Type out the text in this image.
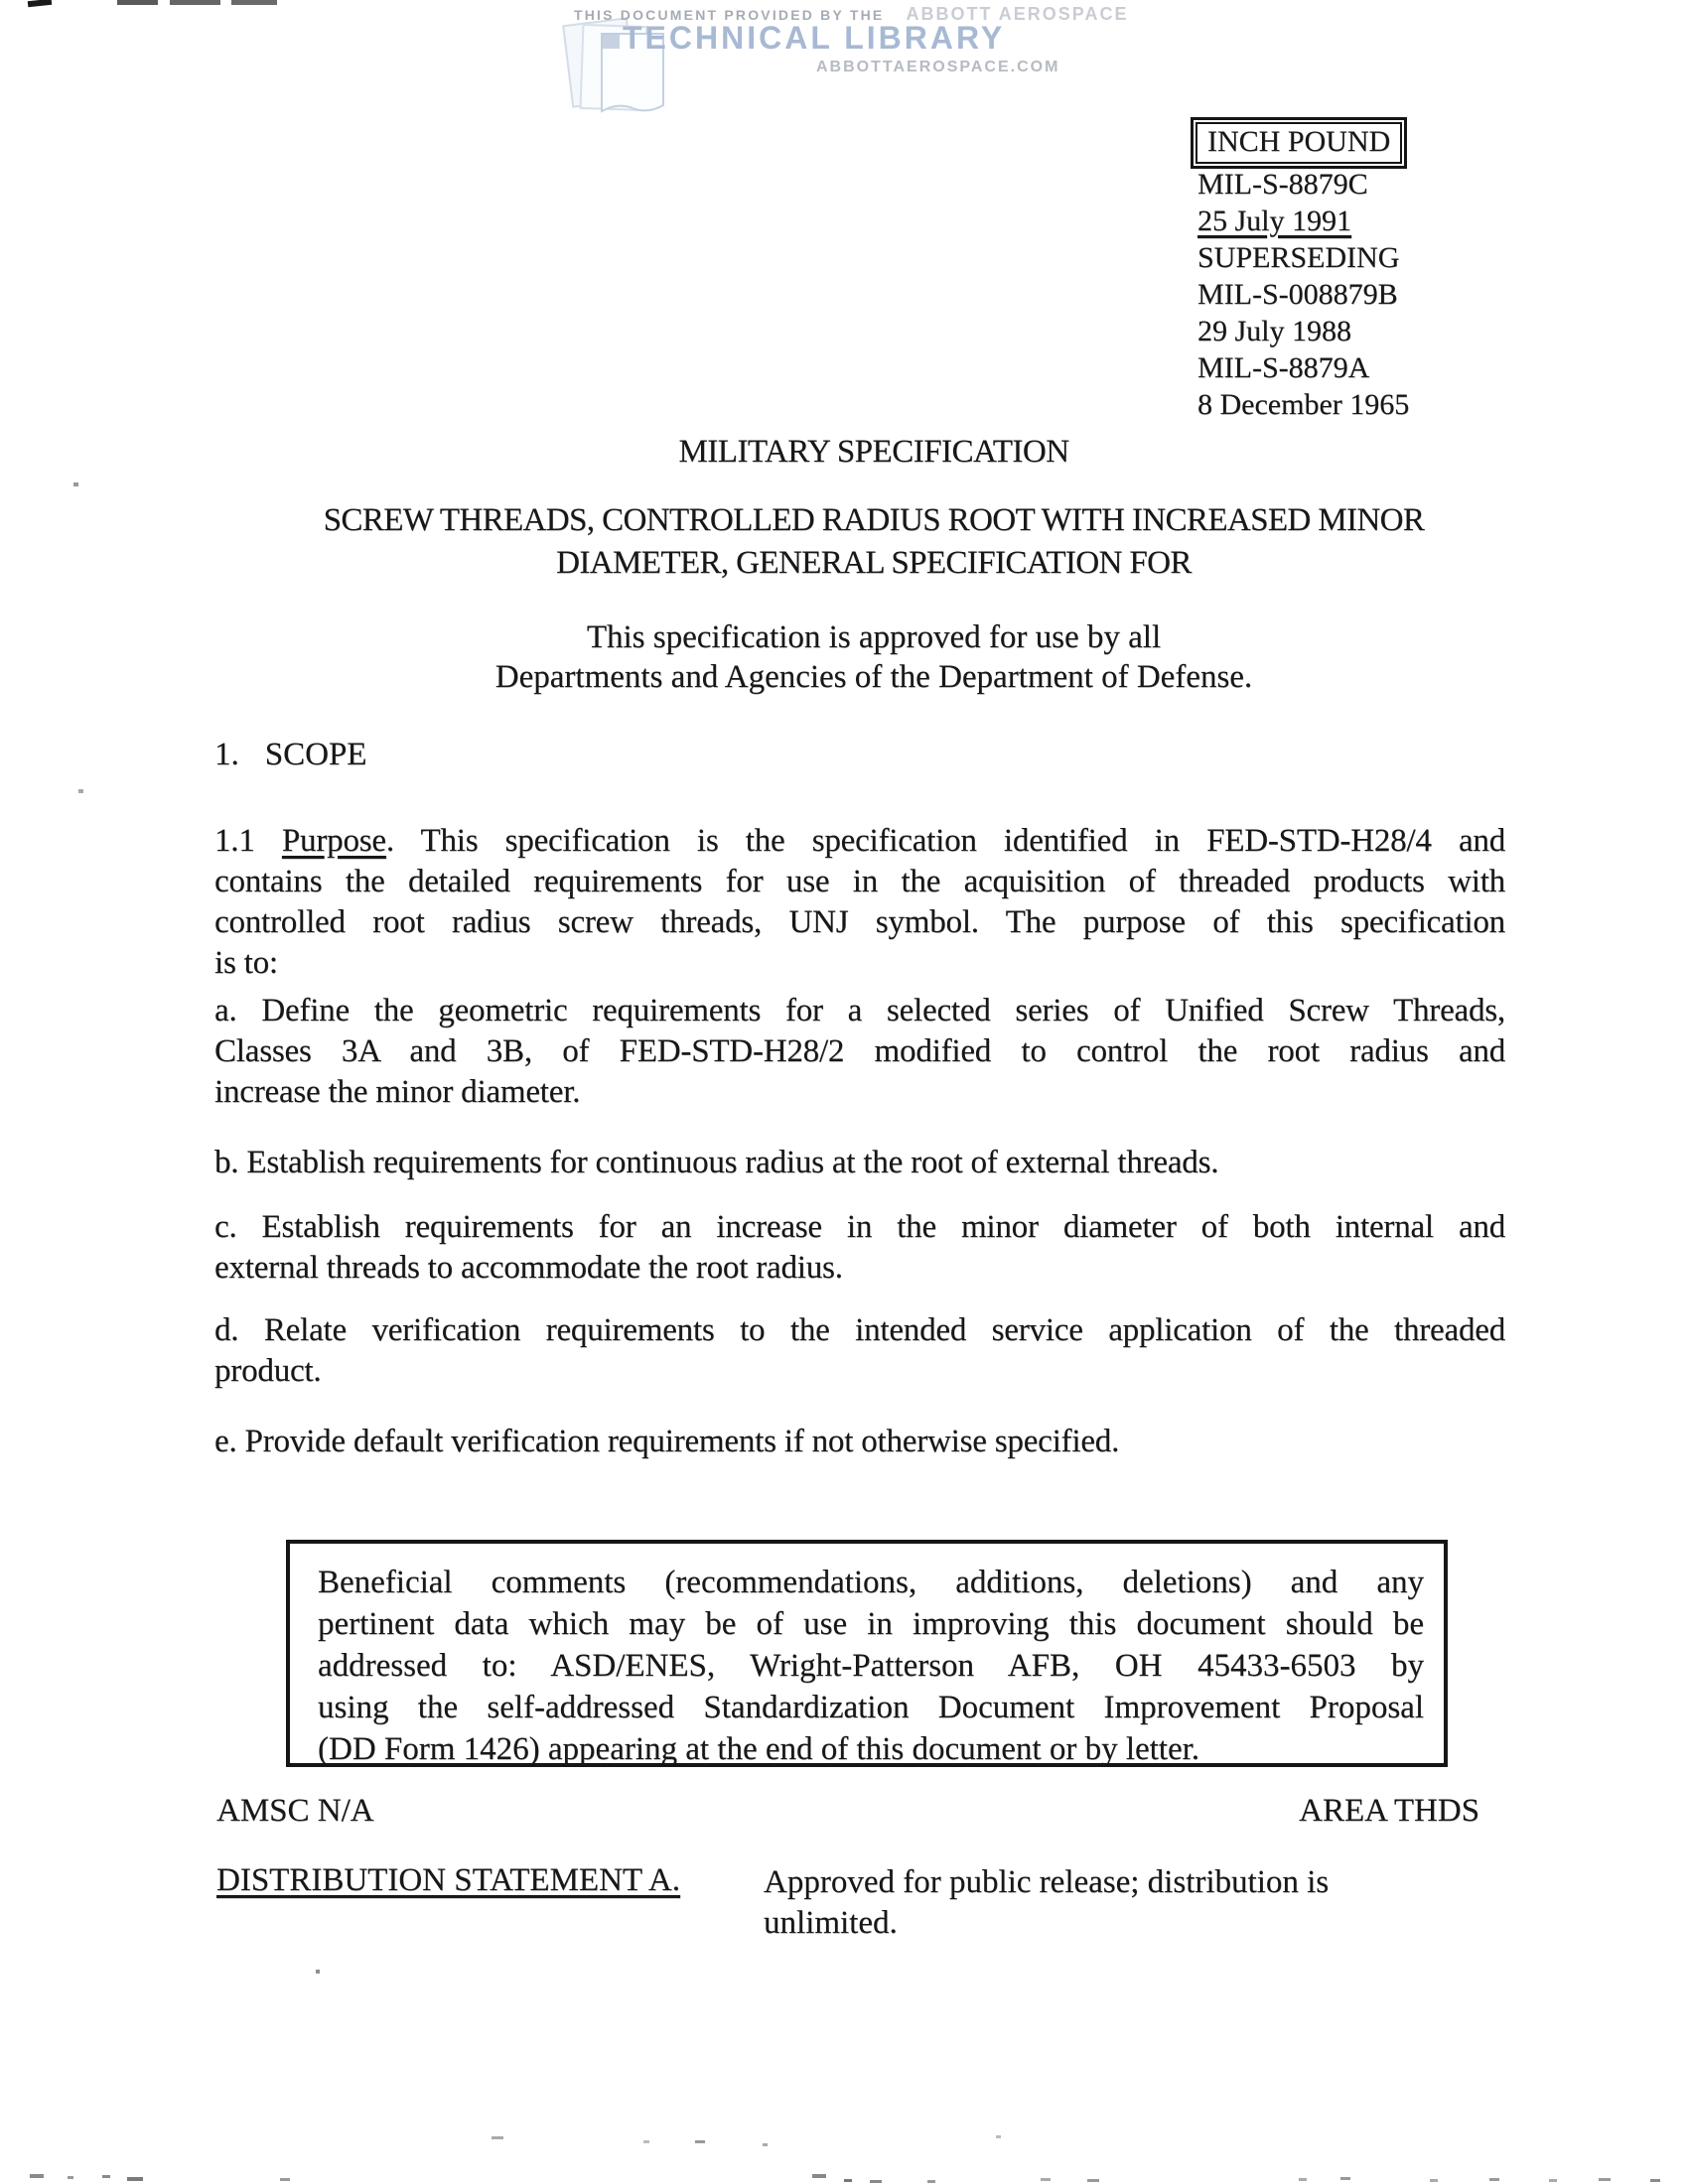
THIS DOCUMENT PROVIDED BY THE ABBOTT AEROSPACE
TECHNICAL LIBRARY
ABBOTTAEROSPACE.COM
INCH POUND
MIL-S-8879C
25 July 1991
SUPERSEDING
MIL-S-008879B
29 July 1988
MIL-S-8879A
8 December 1965
MILITARY SPECIFICATION
SCREW THREADS, CONTROLLED RADIUS ROOT WITH INCREASED MINOR
DIAMETER, GENERAL SPECIFICATION FOR
This specification is approved for use by all
Departments and Agencies of the Department of Defense.
1. SCOPE
1.1 Purpose. This specification is the specification identified in FED-STD-H28/4 and
contains the detailed requirements for use in the acquisition of threaded products with
controlled root radius screw threads, UNJ symbol. The purpose of this specification
is to:
a. Define the geometric requirements for a selected series of Unified Screw Threads,
Classes 3A and 3B, of FED-STD-H28/2 modified to control the root radius and
increase the minor diameter.
b. Establish requirements for continuous radius at the root of external threads.
c. Establish requirements for an increase in the minor diameter of both internal and
external threads to accommodate the root radius.
d. Relate verification requirements to the intended service application of the threaded
product.
e. Provide default verification requirements if not otherwise specified.
Beneficial comments (recommendations, additions, deletions) and any
pertinent data which may be of use in improving this document should be
addressed to: ASD/ENES, Wright-Patterson AFB, OH 45433-6503 by
using the self-addressed Standardization Document Improvement Proposal
(DD Form 1426) appearing at the end of this document or by letter.
AMSC N/A	AREA THDS
DISTRIBUTION STATEMENT A.	Approved for public release; distribution is
unlimited.
